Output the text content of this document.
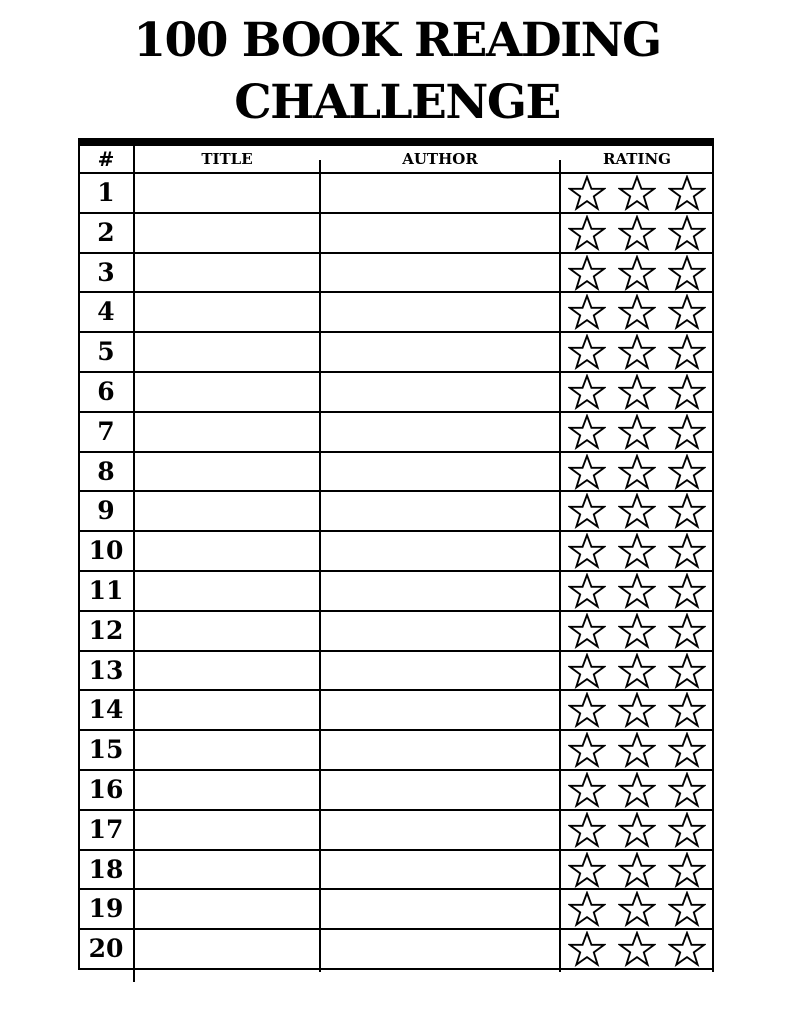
100 BOOK READING
CHALLENGE
#	TITLE	AUTHOR	RATING
1
2
3
4
5
6
7
8
9
10
11
12
13
14
15
16
17
18
19
20
